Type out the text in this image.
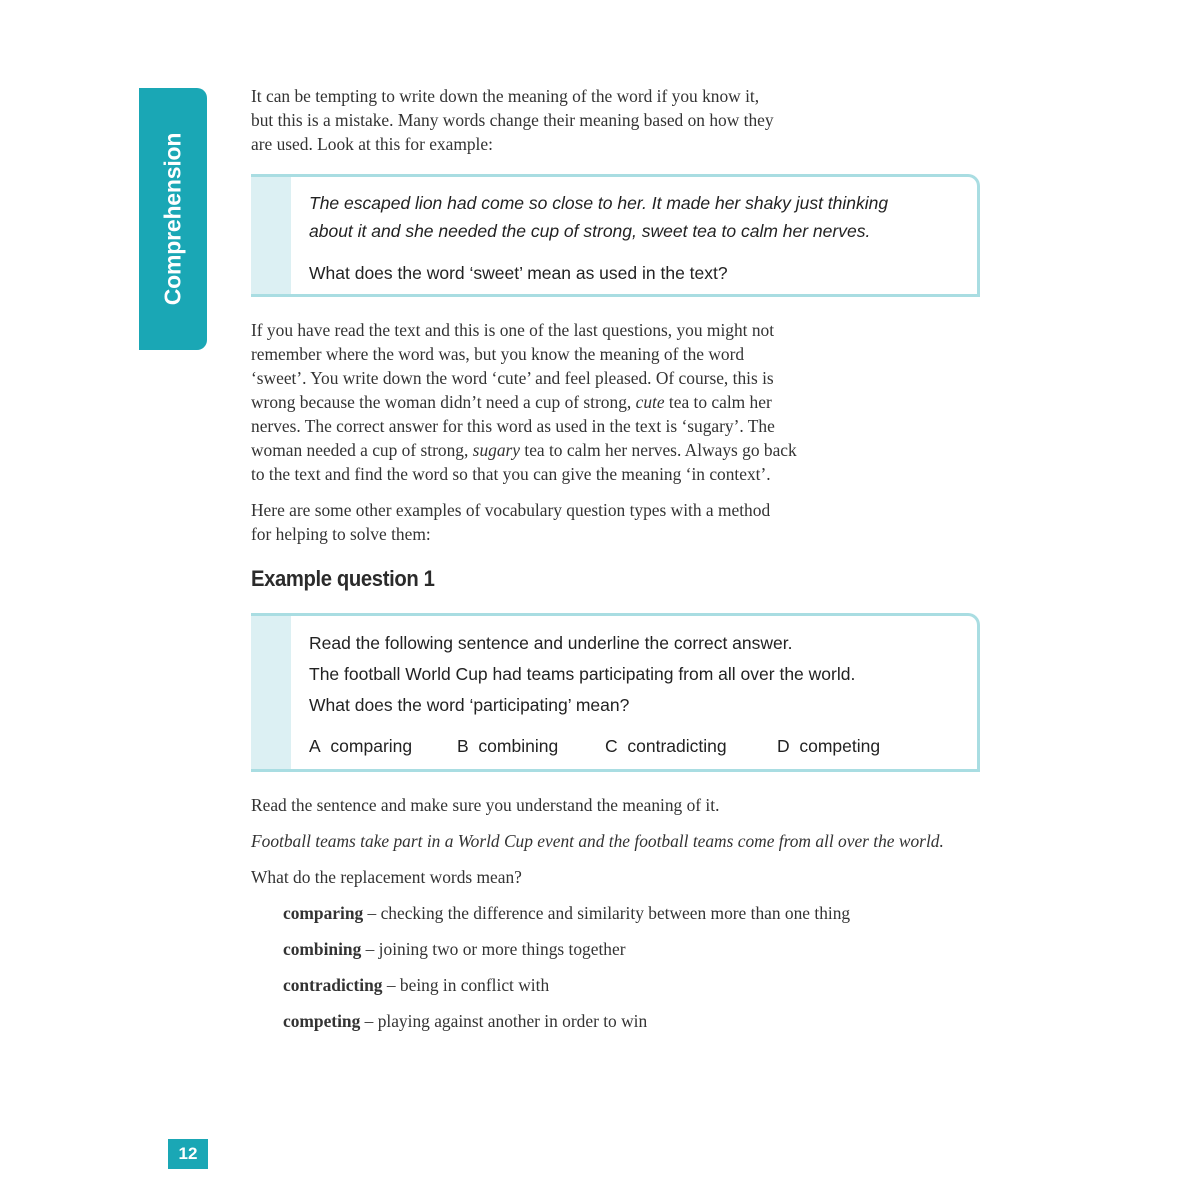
Comprehension

It can be tempting to write down the meaning of the word if you know it,
but this is a mistake. Many words change their meaning based on how they
are used. Look at this for example:

The escaped lion had come so close to her. It made her shaky just thinking
about it and she needed the cup of strong, sweet tea to calm her nerves.
What does the word ‘sweet’ mean as used in the text?

If you have read the text and this is one of the last questions, you might not
remember where the word was, but you know the meaning of the word
‘sweet’. You write down the word ‘cute’ and feel pleased. Of course, this is
wrong because the woman didn’t need a cup of strong, cute tea to calm her
nerves. The correct answer for this word as used in the text is ‘sugary’. The
woman needed a cup of strong, sugary tea to calm her nerves. Always go back
to the text and find the word so that you can give the meaning ‘in context’.

Here are some other examples of vocabulary question types with a method
for helping to solve them:

Example question 1
Read the following sentence and underline the correct answer.
The football World Cup had teams participating from all over the world.
What does the word ‘participating’ mean?
A comparing	B combining	C contradicting	D competing

Read the sentence and make sure you understand the meaning of it.

Football teams take part in a World Cup event and the football teams come from all over the world.

What do the replacement words mean?

comparing – checking the difference and similarity between more than one thing
combining – joining two or more things together
contradicting – being in conflict with
competing – playing against another in order to win
12
